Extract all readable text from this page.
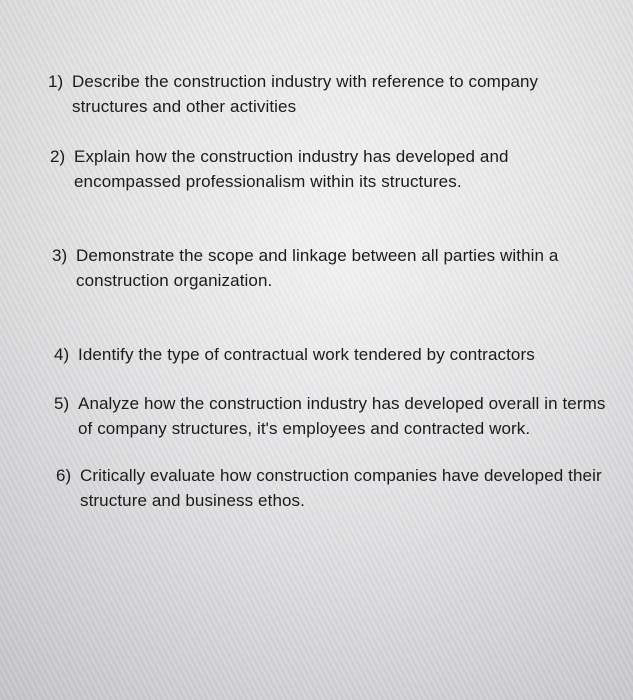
1) Describe the construction industry with reference to company structures and other activities
2) Explain how the construction industry has developed and encompassed professionalism within its structures.
3) Demonstrate the scope and linkage between all parties within a construction organization.
4) Identify the type of contractual work tendered by contractors
5) Analyze how the construction industry has developed overall in terms of company structures, it's employees and contracted work.
6) Critically evaluate how construction companies have developed their structure and business ethos.
